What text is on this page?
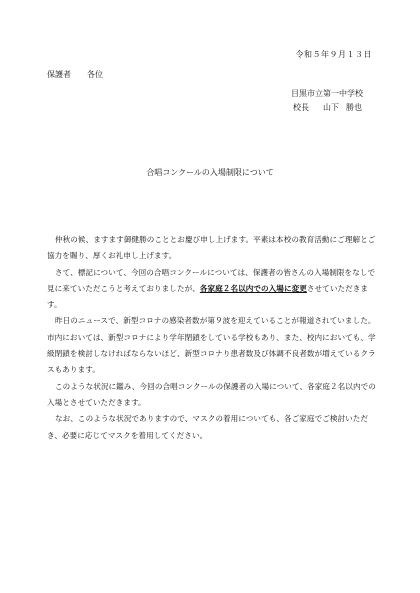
令和５年９月１３日
保護者 各位
目黒市立第一中学校
校長 山下 勝也
合唱コンクールの入場制限について

仲秋の候、ますます御健勝のこととお慶び申し上げます。平素は本校の教育活動にご理解とご協力を賜り、厚くお礼申し上げます。

さて、標記について、今回の合唱コンクールについては、保護者の皆さんの入場制限をなしで見に来ていただこうと考えておりましたが、各家庭２名以内での入場に変更させていただきます。

昨日のニュースで、新型コロナの感染者数が第９波を迎えていることが報道されていました。市内においては、新型コロナにより学年閉鎖をしている学校もあり、また、校内においても、学級閉鎖を検討しなければならないほど、新型コロナり患者数及び体調不良者数が増えているクラスもあります。

このような状況に鑑み、今回の合唱コンクールの保護者の入場について、各家庭２名以内での入場とさせていただきます。

なお、このような状況でありますので、マスクの着用についても、各ご家庭でご検討いただき、必要に応じてマスクを着用してください。
